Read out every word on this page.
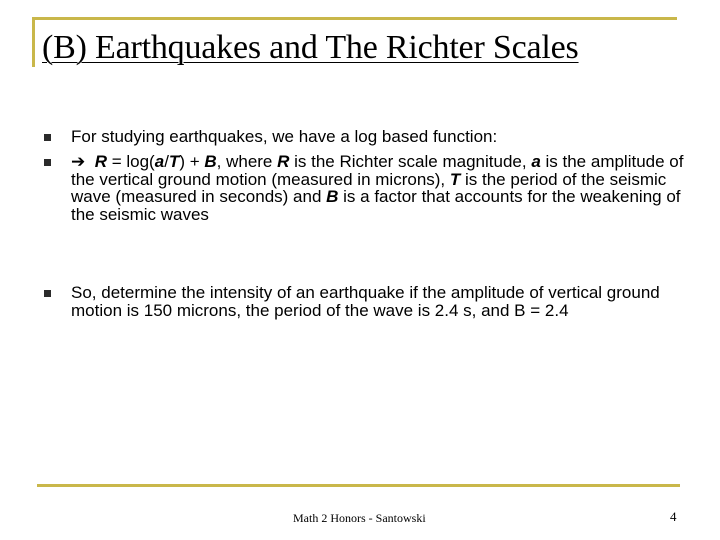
(B) Earthquakes and The Richter Scales
For studying earthquakes, we have a log based function:
➔ R = log(a/T) + B, where R is the Richter scale magnitude, a is the amplitude of the vertical ground motion (measured in microns), T is the period of the seismic wave (measured in seconds) and B is a factor that accounts for the weakening of the seismic waves
So, determine the intensity of an earthquake if the amplitude of vertical ground motion is 150 microns, the period of the wave is 2.4 s, and B = 2.4
Math 2 Honors - Santowski	4
